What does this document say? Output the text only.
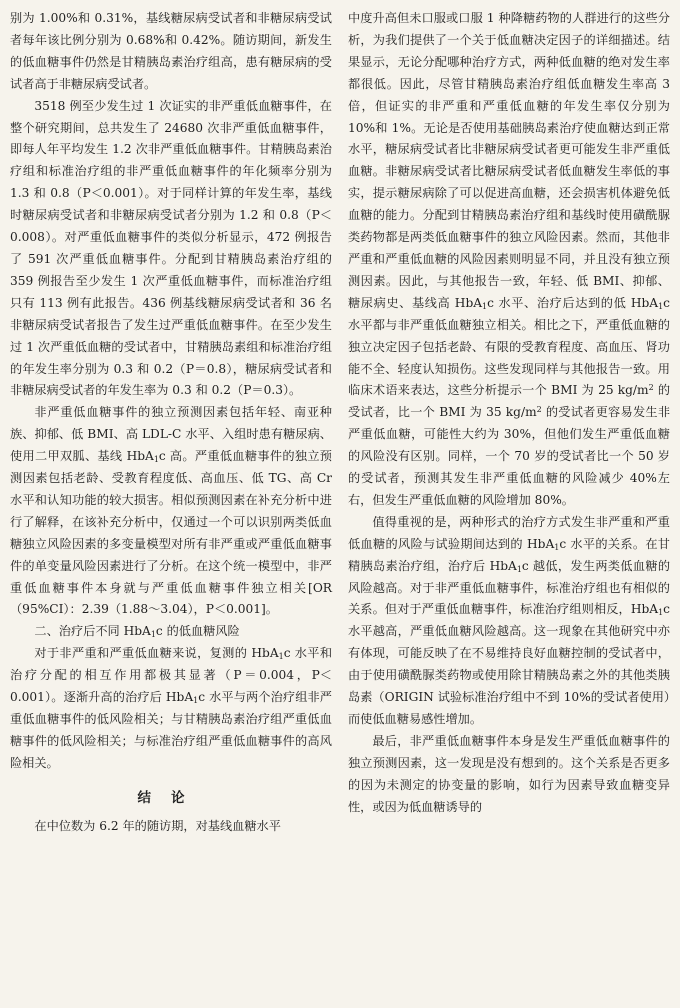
别为 1.00%和 0.31%，基线糖尿病受试者和非糖尿病受试者每年该比例分别为 0.68%和 0.42%。随访期间，新发生的低血糖事件仍然是甘精胰岛素治疗组高，患有糖尿病的受试者高于非糖尿病受试者。

3518 例至少发生过 1 次证实的非严重低血糖事件，在整个研究期间，总共发生了 24680 次非严重低血糖事件，即每人年平均发生 1.2 次非严重低血糖事件。甘精胰岛素治疗组和标准治疗组的非严重低血糖事件的年化频率分别为 1.3 和 0.8（P＜0.001）。对于同样计算的年发生率，基线时糖尿病受试者和非糖尿病受试者分别为 1.2 和 0.8（P＜0.008）。对严重低血糖事件的类似分析显示，472 例报告了 591 次严重低血糖事件。分配到甘精胰岛素治疗组的 359 例报告至少发生 1 次严重低血糖事件，而标准治疗组只有 113 例有此报告。436 例基线糖尿病受试者和 36 名非糖尿病受试者报告了发生过严重低血糖事件。在至少发生过 1 次严重低血糖的受试者中，甘精胰岛素组和标准治疗组的年发生率分别为 0.3 和 0.2（P＝0.8），糖尿病受试者和非糖尿病受试者的年发生率为 0.3 和 0.2（P＝0.3）。

非严重低血糖事件的独立预测因素包括年轻、南亚种族、抑郁、低 BMI、高 LDL-C 水平、入组时患有糖尿病、使用二甲双胍、基线 HbA$_1$c 高。严重低血糖事件的独立预测因素包括老龄、受教育程度低、高血压、低 TG、高 Cr 水平和认知功能的较大损害。相似预测因素在补充分析中进行了解释，在该补充分析中，仅通过一个可以识别两类低血糖独立风险因素的多变量模型对所有非严重或严重低血糖事件的单变量风险因素进行了分析。在这个统一模型中，非严重低血糖事件本身就与严重低血糖事件独立相关[OR（95%CI）：2.39（1.88～3.04），P＜0.001]。

二、治疗后不同 HbA$_1$c 的低血糖风险

对于非严重和严重低血糖来说，复测的 HbA$_1$c 水平和治疗分配的相互作用都极其显著（P＝0.004，P＜0.001）。逐渐升高的治疗后 HbA$_1$c 水平与两个治疗组非严重低血糖事件的低风险相关；与甘精胰岛素治疗组严重低血糖事件的低风险相关；与标准治疗组严重低血糖事件的高风险相关。

结论

在中位数为 6.2 年的随访期，对基线血糖水平

中度升高但未口服或口服 1 种降糖药物的人群进行的这些分析，为我们提供了一个关于低血糖决定因子的详细描述。结果显示，无论分配哪种治疗方式，两种低血糖的绝对发生率都很低。因此，尽管甘精胰岛素治疗组低血糖发生率高 3 倍，但证实的非严重和严重低血糖的年发生率仅分别为 10%和 1%。无论是否使用基础胰岛素治疗使血糖达到正常水平，糖尿病受试者比非糖尿病受试者更可能发生非严重低血糖。非糖尿病受试者比糖尿病受试者低血糖发生率低的事实，提示糖尿病除了可以促进高血糖，还会损害机体避免低血糖的能力。分配到甘精胰岛素治疗组和基线时使用磺酰脲类药物都是两类低血糖事件的独立风险因素。然而，其他非严重和严重低血糖的风险因素则明显不同，并且没有独立预测因素。因此，与其他报告一致，年轻、低 BMI、抑郁、糖尿病史、基线高 HbA$_1$c 水平、治疗后达到的低 HbA$_1$c 水平都与非严重低血糖独立相关。相比之下，严重低血糖的独立决定因子包括老龄、有限的受教育程度、高血压、肾功能不全、轻度认知损伤。这些发现同样与其他报告一致。用临床术语来表达，这些分析提示一个 BMI 为 25 $kg/m^2$ 的受试者，比一个 BMI 为 35 $kg/m^2$ 的受试者更容易发生非严重低血糖，可能性大约为 30%，但他们发生严重低血糖的风险没有区别。同样，一个 70 岁的受试者比一个 50 岁的受试者，预测其发生非严重低血糖的风险减少 40%左右，但发生严重低血糖的风险增加 80%。

值得重视的是，两种形式的治疗方式发生非严重和严重低血糖的风险与试验期间达到的 HbA$_1$c 水平的关系。在甘精胰岛素治疗组，治疗后 HbA$_1$c 越低，发生两类低血糖的风险越高。对于非严重低血糖事件，标准治疗组也有相似的关系。但对于严重低血糖事件，标准治疗组则相反，HbA$_1$c 水平越高，严重低血糖风险越高。这一现象在其他研究中亦有体现，可能反映了在不易维持良好血糖控制的受试者中，由于使用磺酰脲类药物或使用除甘精胰岛素之外的其他类胰岛素（ORIGIN 试验标准治疗组中不到 10%的受试者使用）而使低血糖易感性增加。

最后，非严重低血糖事件本身是发生严重低血糖事件的独立预测因素，这一发现是没有想到的。这个关系是否更多的因为未测定的协变量的影响，如行为因素导致血糖变异性，或因为低血糖诱导的
